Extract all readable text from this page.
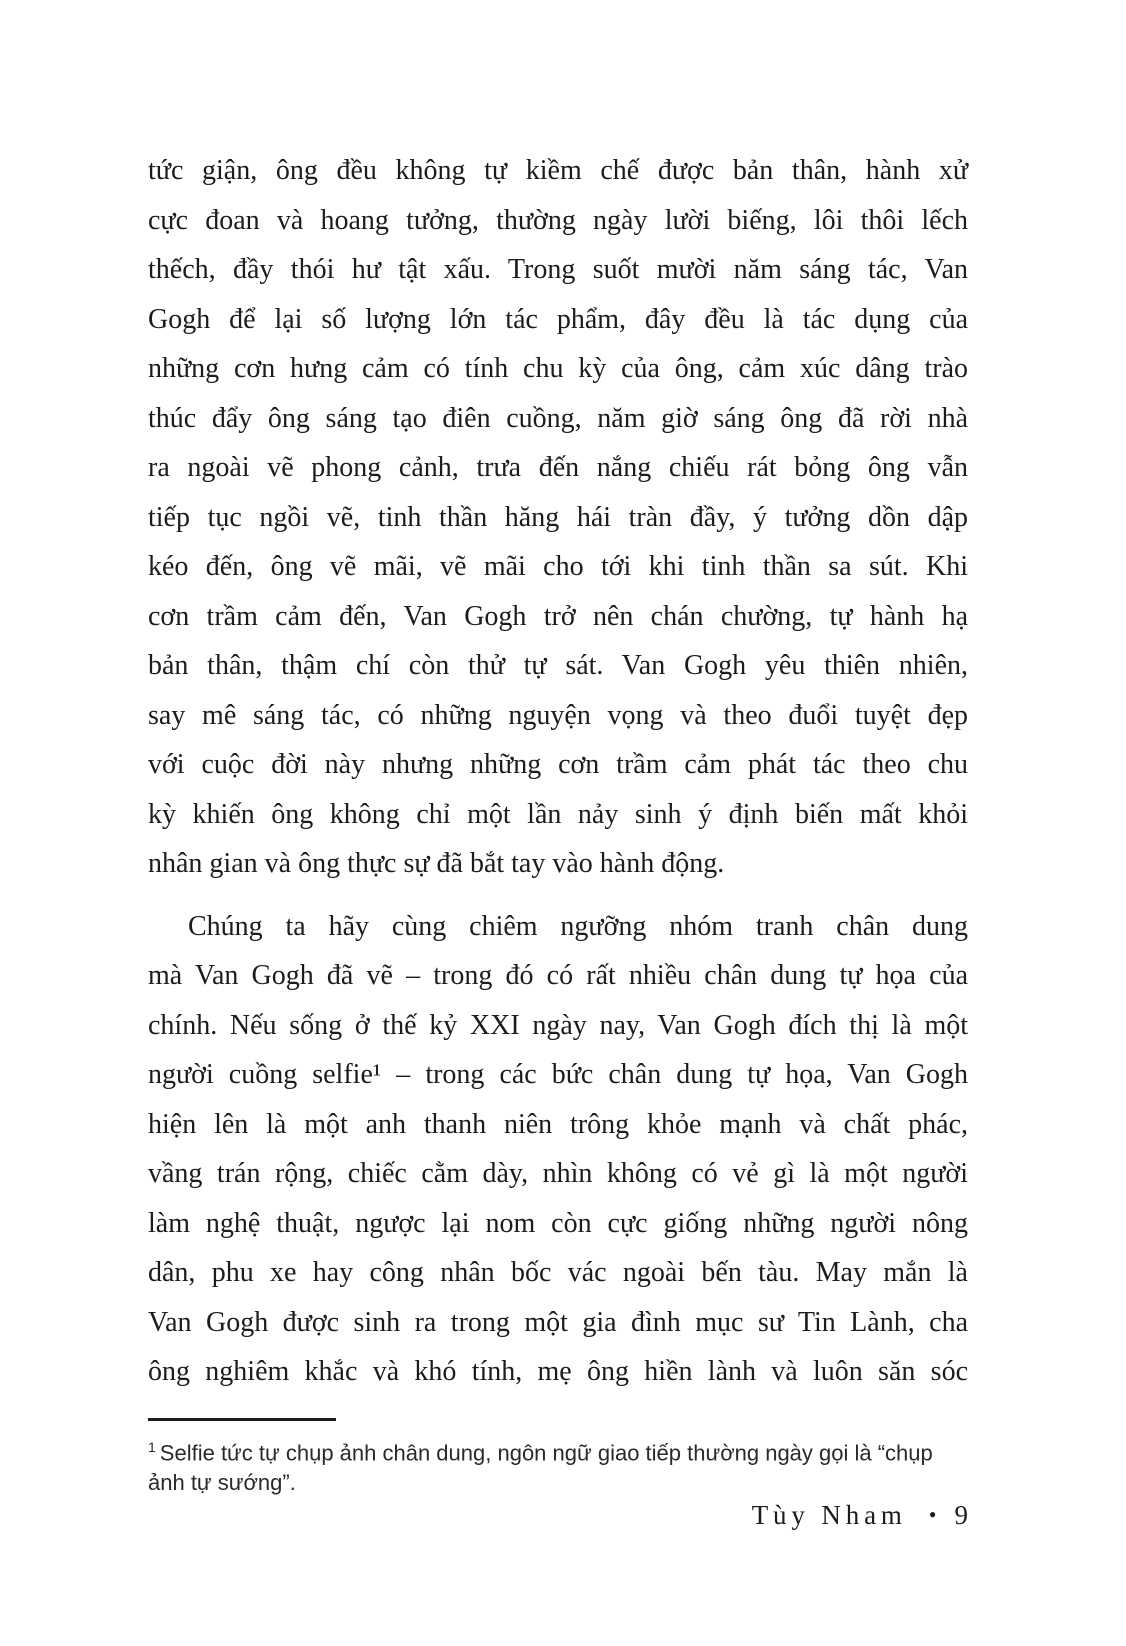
tức giận, ông đều không tự kiềm chế được bản thân, hành xử
cực đoan và hoang tưởng, thường ngày lười biếng, lôi thôi lếch
thếch, đầy thói hư tật xấu. Trong suốt mười năm sáng tác, Van
Gogh để lại số lượng lớn tác phẩm, đây đều là tác dụng của
những cơn hưng cảm có tính chu kỳ của ông, cảm xúc dâng trào
thúc đẩy ông sáng tạo điên cuồng, năm giờ sáng ông đã rời nhà
ra ngoài vẽ phong cảnh, trưa đến nắng chiếu rát bỏng ông vẫn
tiếp tục ngồi vẽ, tinh thần hăng hái tràn đầy, ý tưởng dồn dập
kéo đến, ông vẽ mãi, vẽ mãi cho tới khi tinh thần sa sút. Khi
cơn trầm cảm đến, Van Gogh trở nên chán chường, tự hành hạ
bản thân, thậm chí còn thử tự sát. Van Gogh yêu thiên nhiên,
say mê sáng tác, có những nguyện vọng và theo đuổi tuyệt đẹp
với cuộc đời này nhưng những cơn trầm cảm phát tác theo chu
kỳ khiến ông không chỉ một lần nảy sinh ý định biến mất khỏi
nhân gian và ông thực sự đã bắt tay vào hành động.
Chúng ta hãy cùng chiêm ngưỡng nhóm tranh chân dung
mà Van Gogh đã vẽ – trong đó có rất nhiều chân dung tự họa của
chính. Nếu sống ở thế kỷ XXI ngày nay, Van Gogh đích thị là một
người cuồng selfie¹ – trong các bức chân dung tự họa, Van Gogh
hiện lên là một anh thanh niên trông khỏe mạnh và chất phác,
vầng trán rộng, chiếc cằm dày, nhìn không có vẻ gì là một người
làm nghệ thuật, ngược lại nom còn cực giống những người nông
dân, phu xe hay công nhân bốc vác ngoài bến tàu. May mắn là
Van Gogh được sinh ra trong một gia đình mục sư Tin Lành, cha
ông nghiêm khắc và khó tính, mẹ ông hiền lành và luôn săn sóc
$^1$ Selfie tức tự chụp ảnh chân dung, ngôn ngữ giao tiếp thường ngày gọi là “chụp ảnh tự sướng”.
Tùy Nham • 9
